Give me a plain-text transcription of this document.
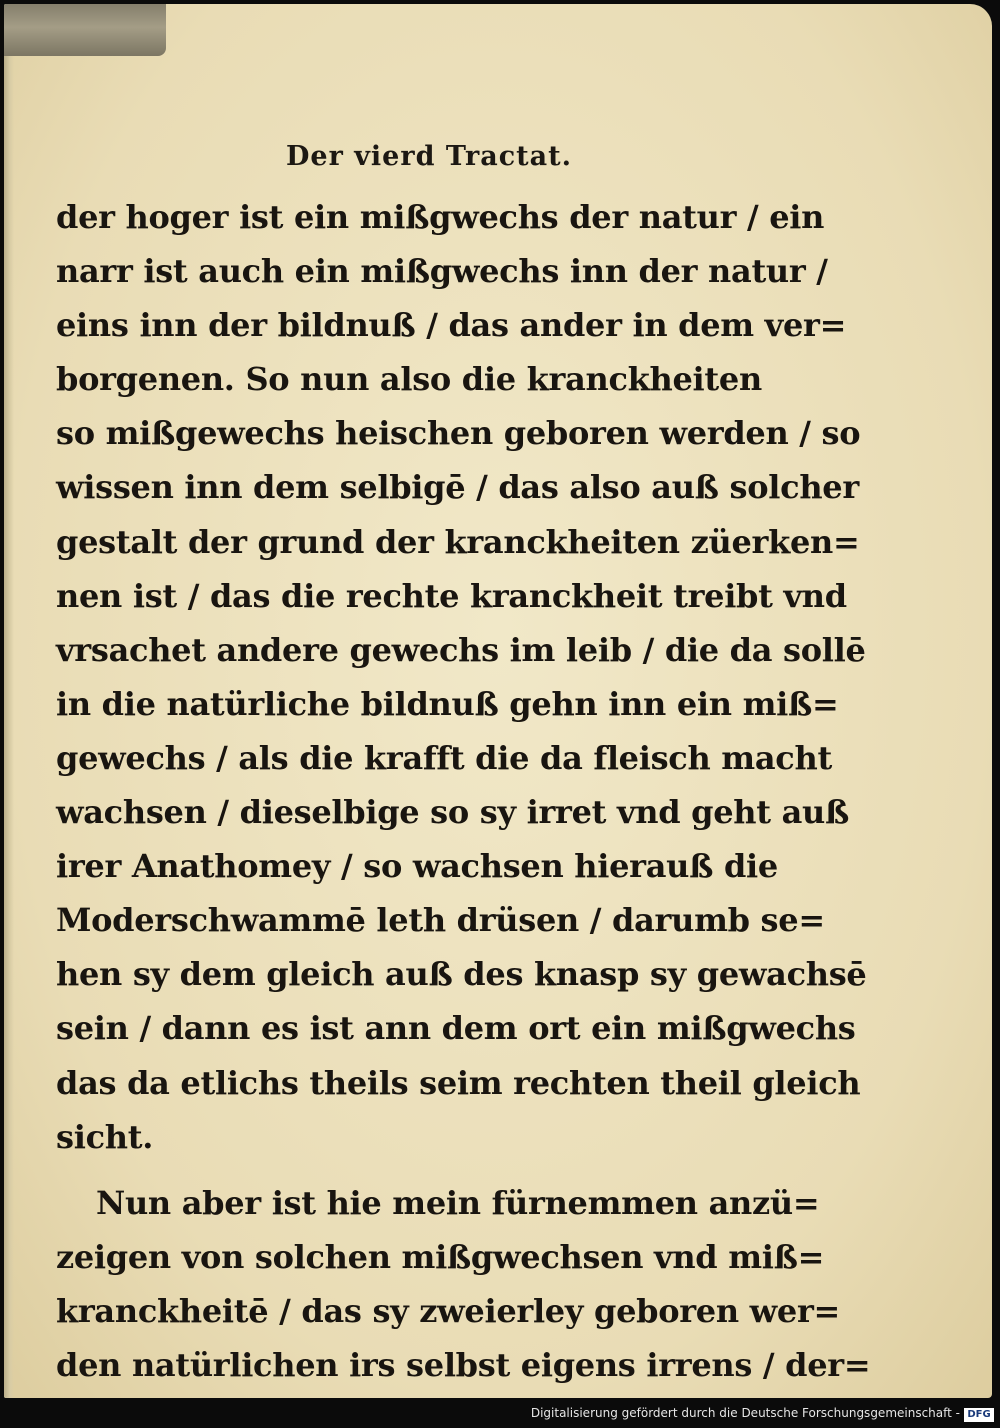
Der vierd Tractat.
der hoger ist ein mißgwechs der natur / ein
narr ist auch ein mißgwechs inn der natur /
eins inn der bildnuß / das ander in dem ver=
borgenen. So nun also die kranckheiten
so mißgewechs heischen geboren werden / so
wissen inn dem selbigē / das also auß solcher
gestalt der grund der kranckheiten züerken=
nen ist / das die rechte kranckheit treibt vnd
vrsachet andere gewechs im leib / die da sollē
in die natürliche bildnuß gehn inn ein miß=
gewechs / als die krafft die da fleisch macht
wachsen / dieselbige so sy irret vnd geht auß
irer Anathomey / so wachsen hierauß die
Moderschwammē leth drüsen / darumb se=
hen sy dem gleich auß des knasp sy gewachsē
sein / dann es ist ann dem ort ein mißgwechs
das da etlichs theils seim rechten theil gleich
sicht.
Nun aber ist hie mein fürnemmen anzü=
zeigen von solchen mißgwechsen vnd miß=
kranckheitē / das sy zweierley geboren wer=
den natürlichen irs selbst eigens irrens / der=
Digitalisierung gefördert durch die Deutsche Forschungsgemeinschaft - DFG
